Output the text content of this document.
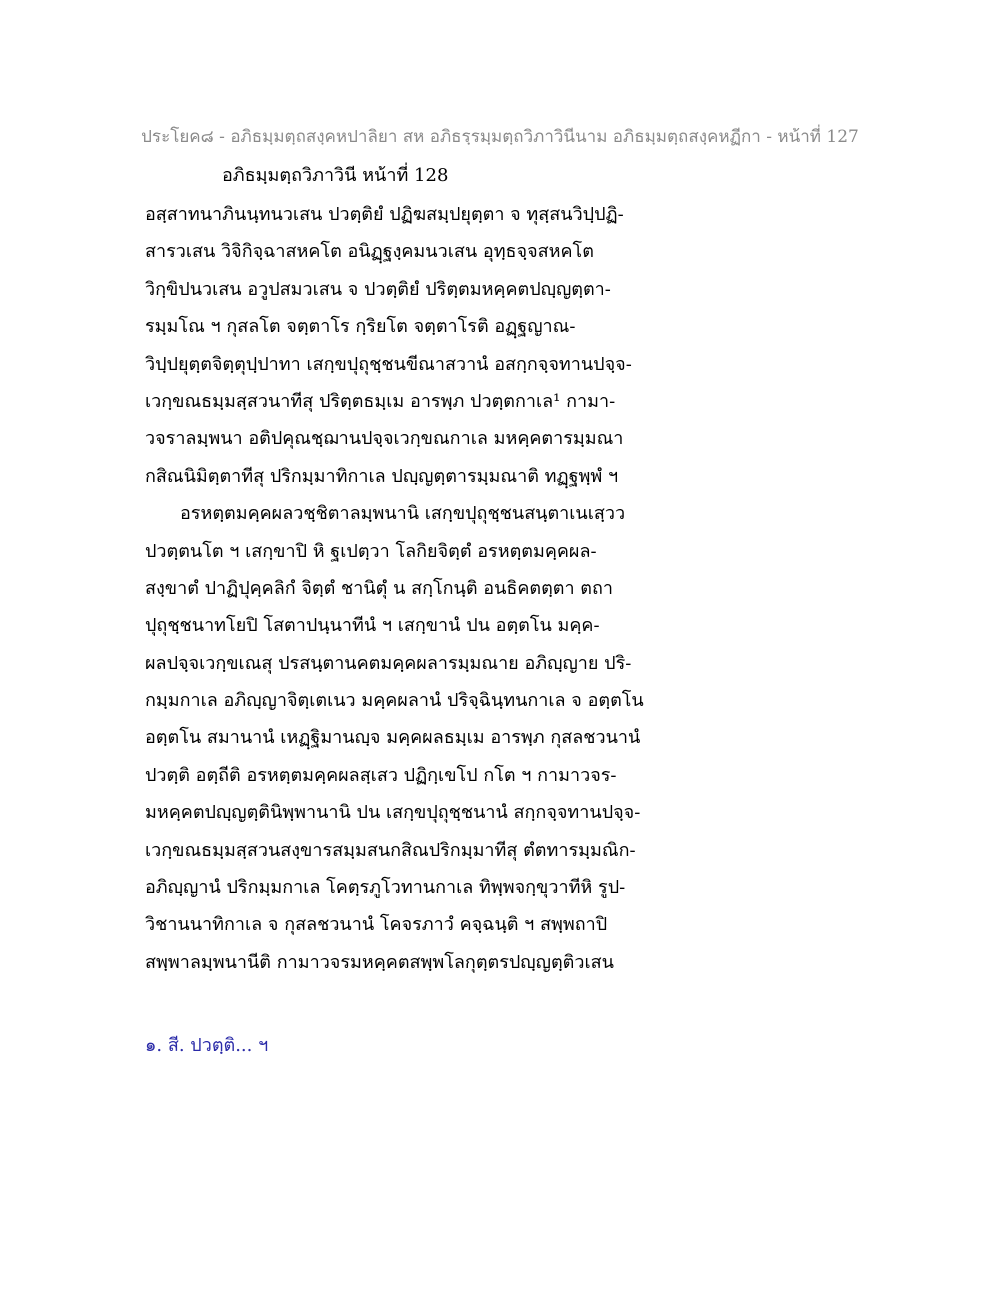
ประโยค๘ - อภิธมฺมตฺถสงฺคหปาลิยา สห อภิธรฺรมฺมตฺถวิภาวินีนาม อภิธมฺมตฺถสงฺคหฏีกา - หน้าที่ 127
อภิธมฺมตฺถวิภาวินี หน้าที่ 128
อสฺสาทนาภินนฺทนวเสน ปวตฺติยํ ปฏิฆสมฺปยุตฺตา จ ทุสฺสนวิปฺปฏิ-
สารวเสน วิจิกิจฺฉาสหคโต อนิฏฺฐงฺคมนวเสน อุทฺธจฺจสหคโต
วิกฺขิปนวเสน อวูปสมวเสน จ ปวตฺติยํ ปริตฺตมหคฺคตปญฺญตฺตา-
รมฺมโณ ฯ กุสลโต จตฺตาโร กฺริยโต จตฺตาโรติ อฏฺฐญาณ-
วิปฺปยุตฺตจิตฺตุปฺปาทา เสกฺขปุถุชฺชนขีณาสวานํ อสกฺกจฺจทานปจฺจ-
เวกฺขณธมฺมสฺสวนาทีสุ ปริตฺตธมฺเม อารพฺภ ปวตฺตกาเล¹ กามา-
วจราลมฺพนา อติปคุณชฺฌานปจฺจเวกฺขณกาเล มหคฺคตารมฺมณา
กสิณนิมิตฺตาทีสุ ปริกมฺมาทิกาเล ปญฺญตฺตารมฺมณาติ ทฏฺฐพฺพํ ฯ
อรหตฺตมคฺคผลวชฺชิตาลมฺพนานิ เสกฺขปุถุชฺชนสนฺตาเนเสฺวว
ปวตฺตนโต ฯ เสกฺขาปิ หิ ฐเปตฺวา โลกิยจิตฺตํ อรหตฺตมคฺคผล-
สงฺขาตํ ปาฏิปุคฺคลิกํ จิตฺตํ ชานิตุํ น สกฺโกนฺติ อนธิคตตฺตา ตถา
ปุถุชฺชนาทโยปิ โสตาปนฺนาทีนํ ฯ เสกฺขานํ ปน อตฺตโน มคฺค-
ผลปจฺจเวกฺขเณสุ ปรสนฺตานคตมคฺคผลารมฺมณาย อภิญฺญาย ปริ-
กมฺมกาเล อภิญฺญาจิตฺเตเนว มคฺคผลานํ ปริจฺฉินฺทนกาเล จ อตฺตโน
อตฺตโน สมานานํ เหฏฺฐิมานญฺจ มคฺคผลธมฺเม อารพฺภ กุสลชวนานํ
ปวตฺติ อตฺถีติ อรหตฺตมคฺคผลสฺเสว ปฏิกฺเขโป กโต ฯ กามาวจร-
มหคฺคตปญฺญตฺตินิพฺพานานิ ปน เสกฺขปุถุชฺชนานํ สกฺกจฺจทานปจฺจ-
เวกฺขณธมฺมสฺสวนสงฺขารสมฺมสนกสิณปริกมฺมาทีสุ ตํตทารมฺมณิก-
อภิญฺญานํ ปริกมฺมกาเล โคตฺรภูโวทานกาเล ทิพฺพจกฺขุวาทีหิ รูป-
วิชานนาทิกาเล จ กุสลชวนานํ โคจรภาวํ คจฺฉนฺติ ฯ สพฺพถาปิ
สพฺพาลมฺพนานีติ กามาวจรมหคฺคตสพฺพโลกุตฺตรปญฺญตฺติวเสน
๑. สี. ปวตฺติ... ฯ
